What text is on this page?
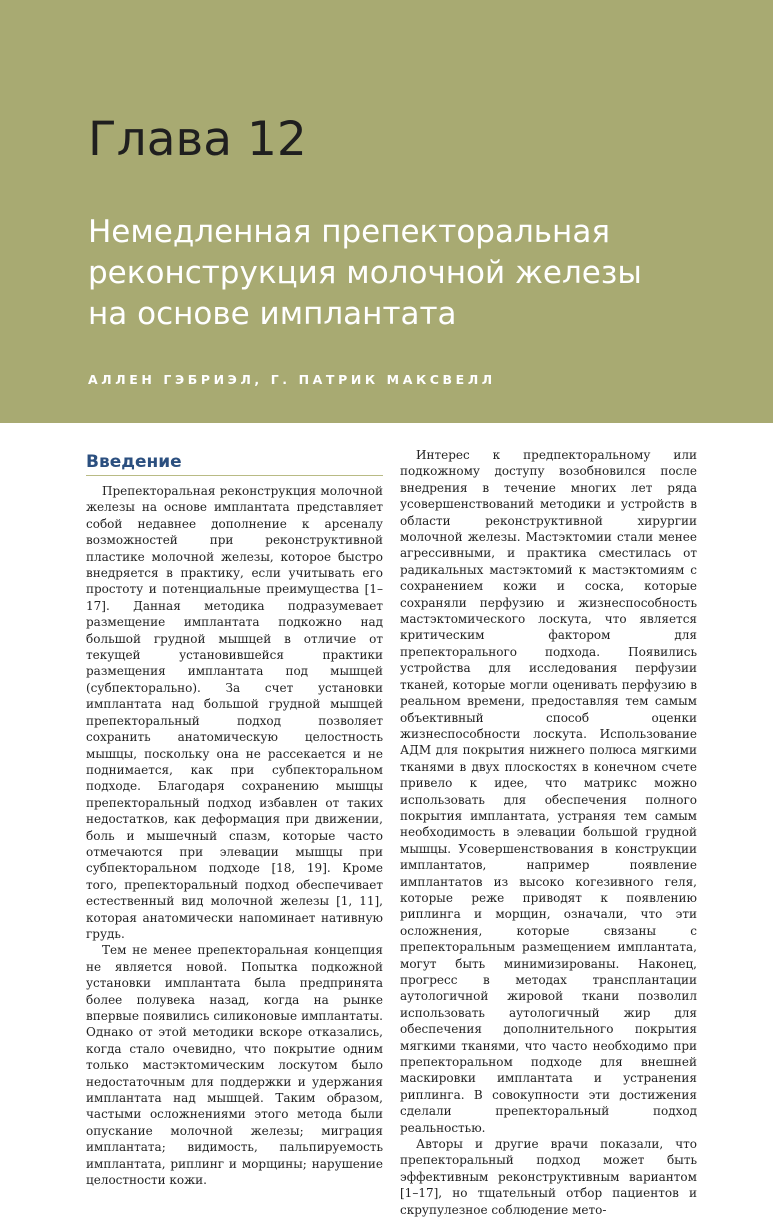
Глава 12
Немедленная препекторальная
реконструкция молочной железы
на основе имплантата

АЛЛЕН ГЭБРИЭЛ, Г. ПАТРИК МАКСВЕЛЛ

Введение

Препекторальная реконструкция молочной железы на основе имплантата представляет собой недавнее дополнение к арсеналу возможностей при реконструктивной пластике молочной железы, которое быстро внедряется в практику, если учитывать его простоту и потенциальные преимущества [1–17]. Данная методика подразумевает размещение имплантата подкожно над большой грудной мышцей в отличие от текущей установившейся практики размещения имплантата под мышцей (субпекторально). За счет установки имплантата над большой грудной мышцей препекторальный подход позволяет сохранить анатомическую целостность мышцы, поскольку она не рассекается и не поднимается, как при субпекторальном подходе. Благодаря сохранению мышцы препекторальный подход избавлен от таких недостатков, как деформация при движении, боль и мышечный спазм, которые часто отмечаются при элевации мышцы при субпекторальном подходе [18, 19]. Кроме того, препекторальный подход обеспечивает естественный вид молочной железы [1, 11], которая анатомически напоминает нативную грудь.

Тем не менее препекторальная концепция не является новой. Попытка подкожной установки имплантата была предпринята более полувека назад, когда на рынке впервые появились силиконовые имплантаты. Однако от этой методики вскоре отказались, когда стало очевидно, что покрытие одним только мастэктомическим лоскутом было недостаточным для поддержки и удержания имплантата над мышцей. Таким образом, частыми осложнениями этого метода были опускание молочной железы; миграция имплантата; видимость, пальпируемость имплантата, риплинг и морщины; нарушение целостности кожи.

Интерес к предпекторальному или подкожному доступу возобновился после внедрения в течение многих лет ряда усовершенствований методики и устройств в области реконструктивной хирургии молочной железы. Мастэктомии стали менее агрессивными, и практика сместилась от радикальных мастэктомий к мастэктомиям с сохранением кожи и соска, которые сохраняли перфузию и жизнеспособность мастэктомического лоскута, что является критическим фактором для препекторального подхода. Появились устройства для исследования перфузии тканей, которые могли оценивать перфузию в реальном времени, предоставляя тем самым объективный способ оценки жизнеспособности лоскута. Использование АДМ для покрытия нижнего полюса мягкими тканями в двух плоскостях в конечном счете привело к идее, что матрикс можно использовать для обеспечения полного покрытия имплантата, устраняя тем самым необходимость в элевации большой грудной мышцы. Усовершенствования в конструкции имплантатов, например появление имплантатов из высоко когезивного геля, которые реже приводят к появлению риплинга и морщин, означали, что эти осложнения, которые связаны с препекторальным размещением имплантата, могут быть минимизированы. Наконец, прогресс в методах трансплантации аутологичной жировой ткани позволил использовать аутологичный жир для обеспечения дополнительного покрытия мягкими тканями, что часто необходимо при препекторальном подходе для внешней маскировки имплантата и устранения риплинга. В совокупности эти достижения сделали препекторальный подход реальностью.

Авторы и другие врачи показали, что препекторальный подход может быть эффективным реконструктивным вариантом [1–17], но тщательный отбор пациентов и скрупулезное соблюдение мето-
